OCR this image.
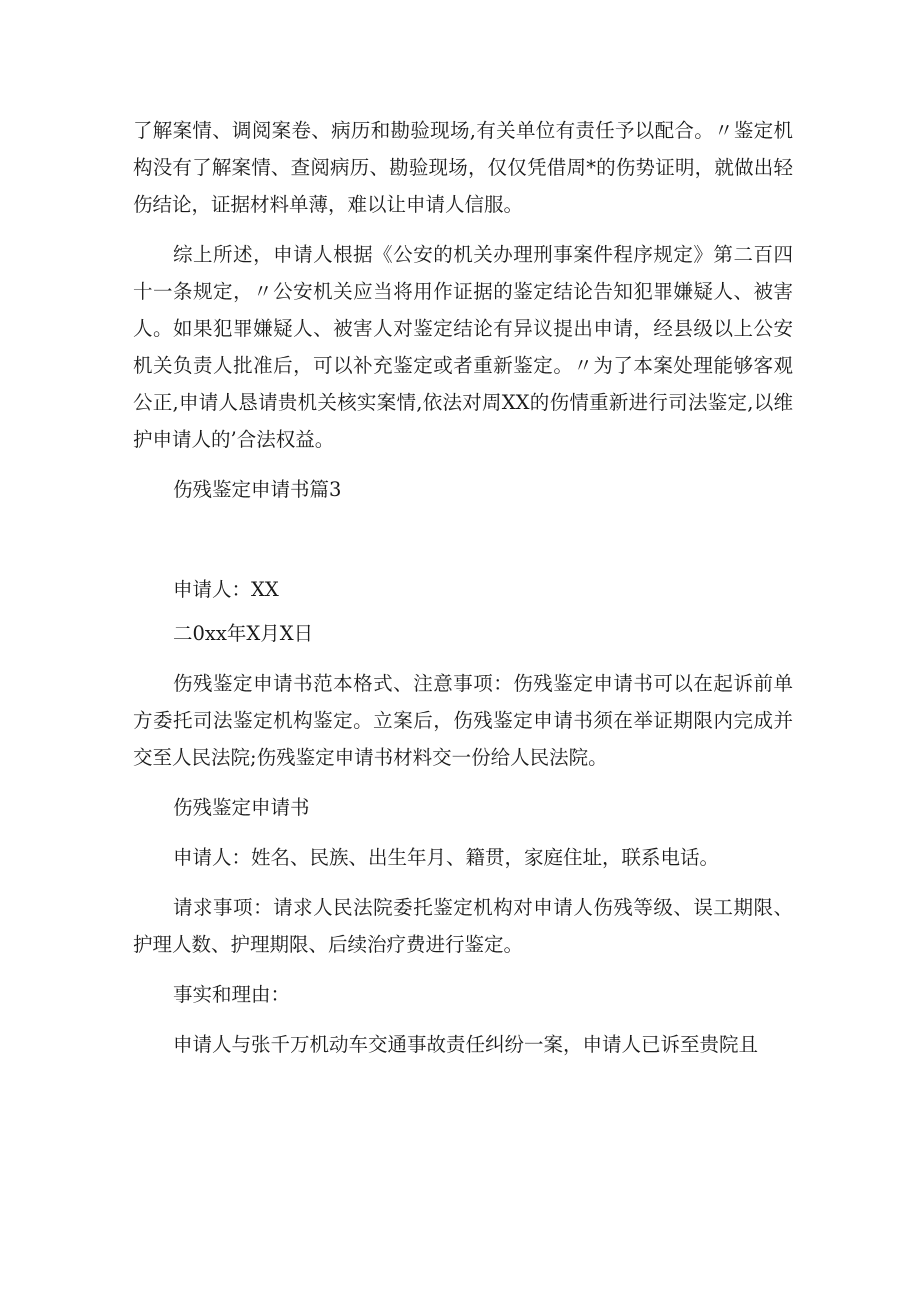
了解案情、调阅案卷、病历和勘验现场,有关单位有责任予以配合。〃鉴定机构没有了解案情、查阅病历、勘验现场，仅仅凭借周*的伤势证明，就做出轻伤结论，证据材料单薄，难以让申请人信服。

综上所述，申请人根据《公安的机关办理刑事案件程序规定》第二百四十一条规定，〃公安机关应当将用作证据的鉴定结论告知犯罪嫌疑人、被害人。如果犯罪嫌疑人、被害人对鉴定结论有异议提出申请，经县级以上公安机关负责人批准后，可以补充鉴定或者重新鉴定。〃为了本案处理能够客观公正,申请人恳请贵机关核实案情,依法对周XX的伤情重新进行司法鉴定,以维护申请人的’合法权益。

伤残鉴定申请书篇3

申请人：XX

二0xx年X月X日

伤残鉴定申请书范本格式、注意事项：伤残鉴定申请书可以在起诉前单方委托司法鉴定机构鉴定。立案后，伤残鉴定申请书须在举证期限内完成并交至人民法院;伤残鉴定申请书材料交一份给人民法院。

伤残鉴定申请书

申请人：姓名、民族、出生年月、籍贯，家庭住址，联系电话。

请求事项：请求人民法院委托鉴定机构对申请人伤残等级、误工期限、护理人数、护理期限、后续治疗费进行鉴定。

事实和理由：

申请人与张千万机动车交通事故责任纠纷一案，申请人已诉至贵院且
